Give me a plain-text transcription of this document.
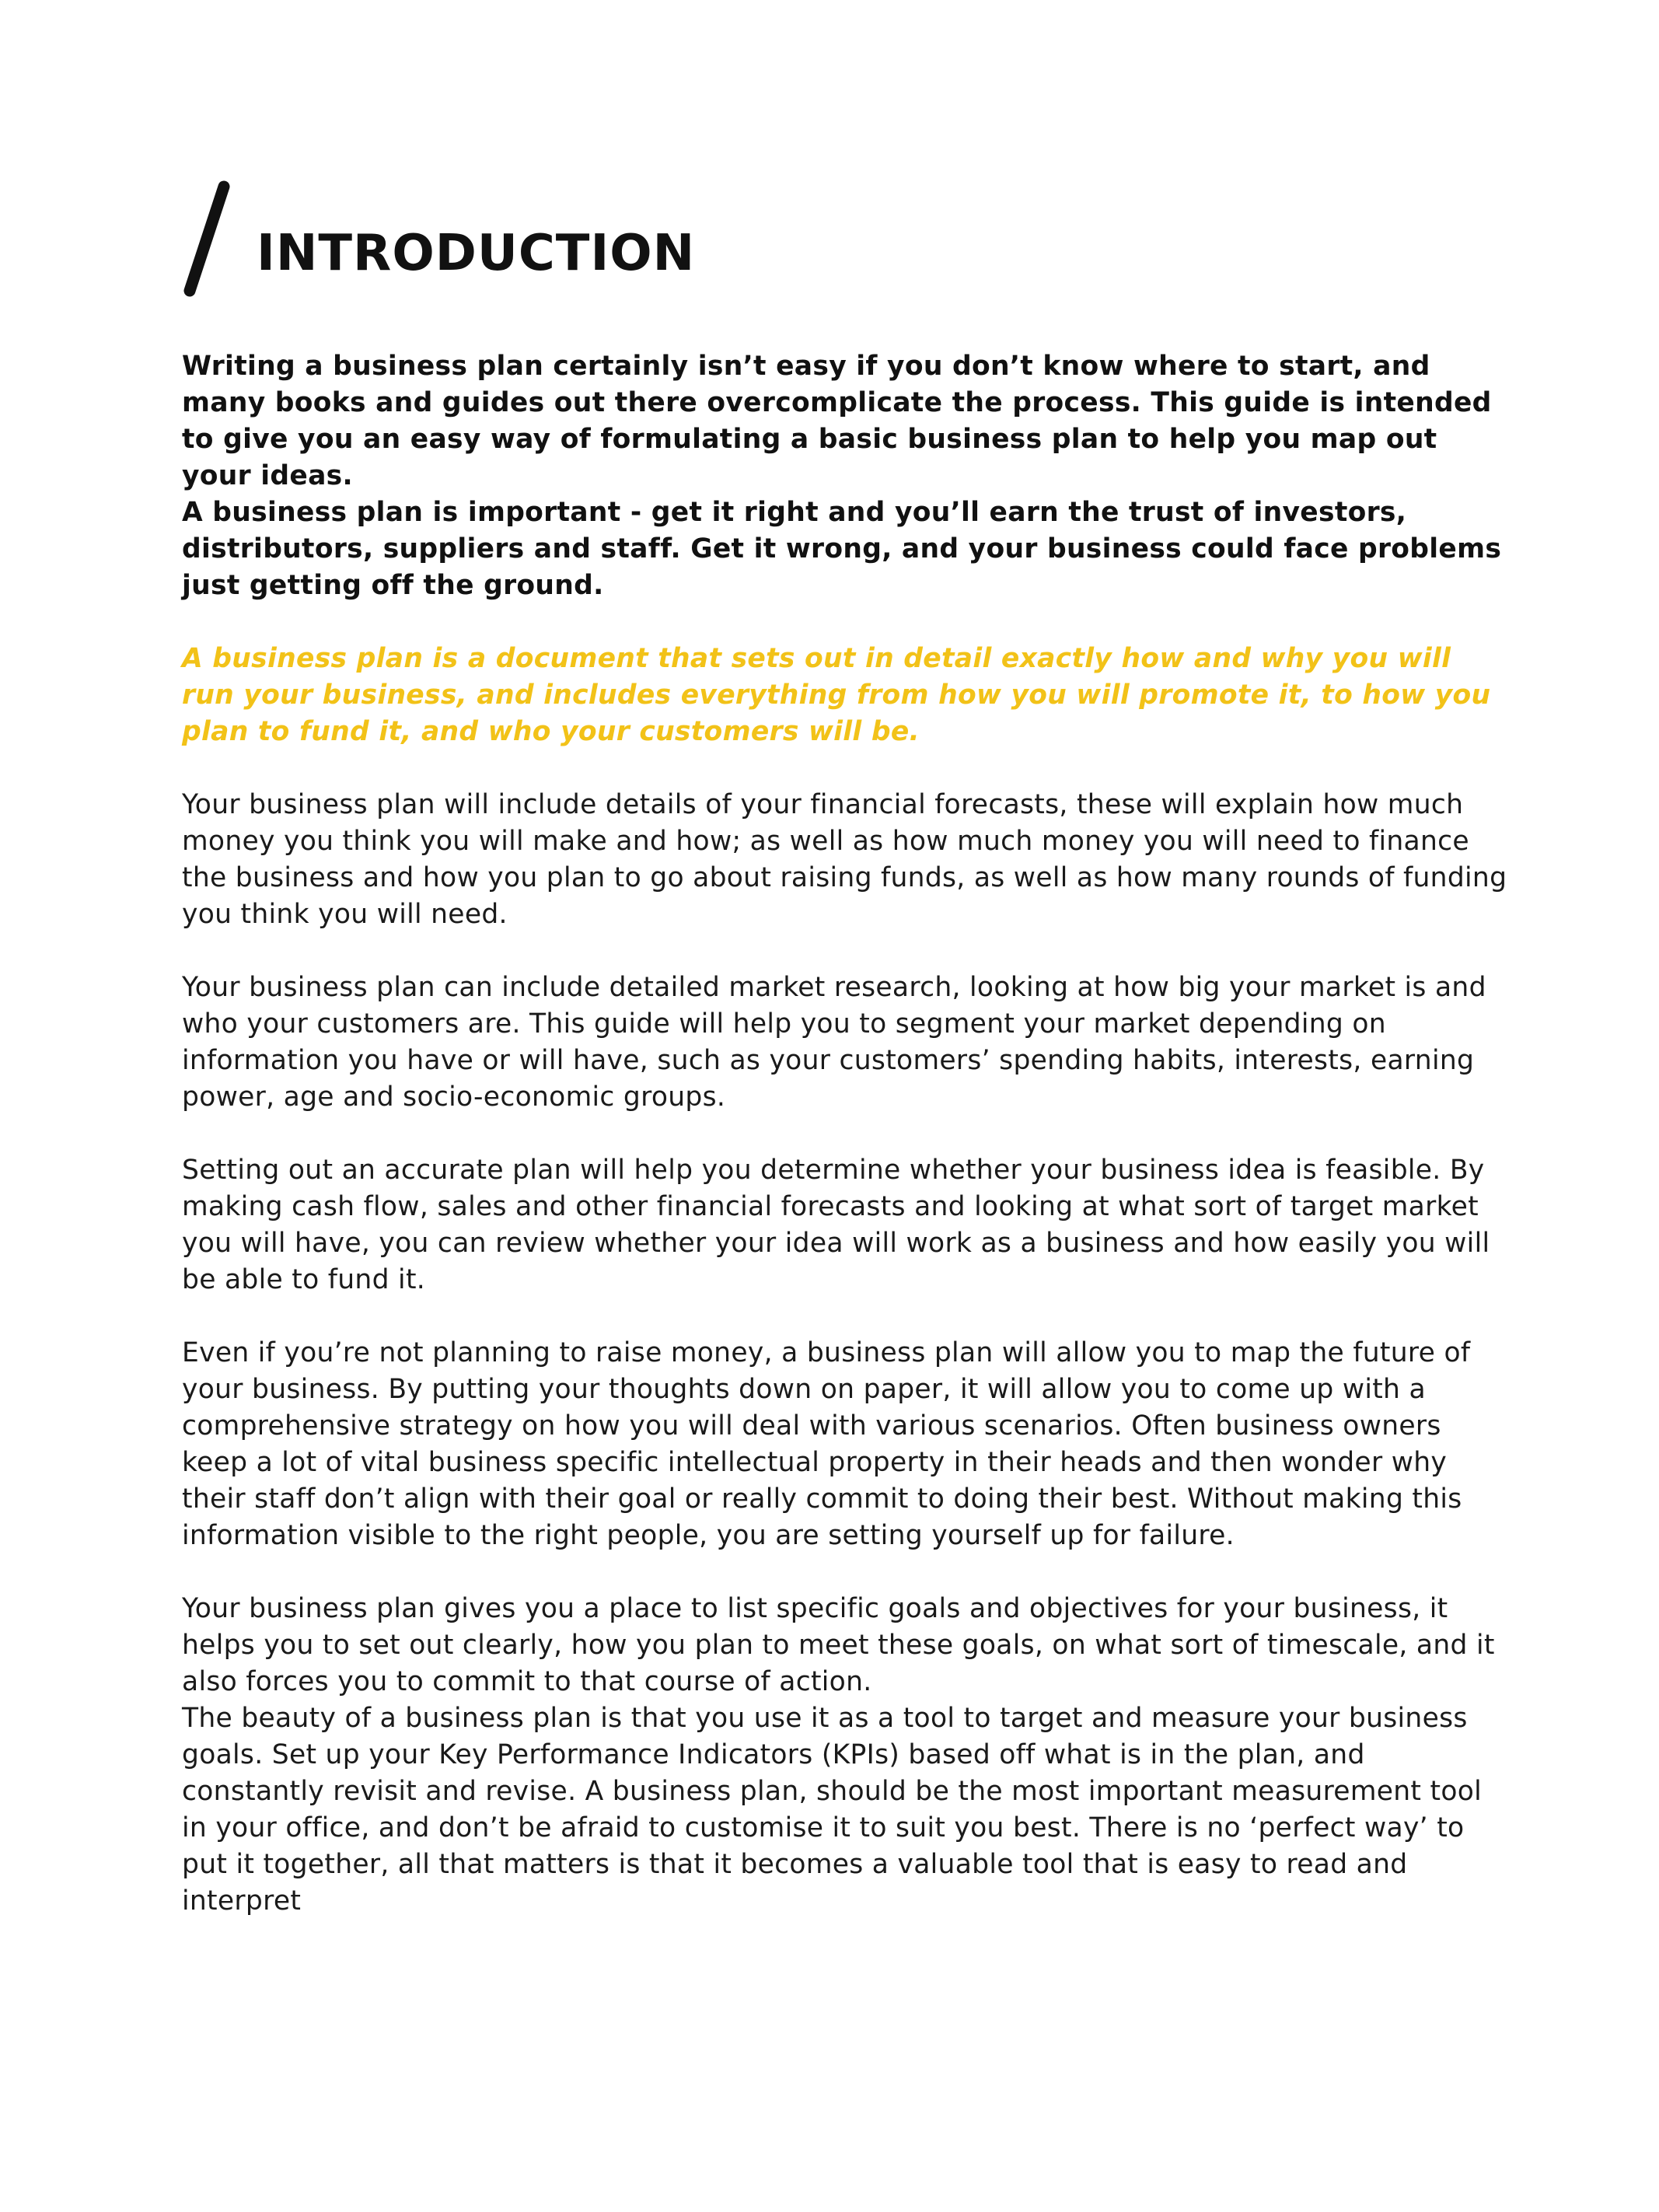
INTRODUCTION

Writing a business plan certainly isn’t easy if you don’t know where to start, and many books and guides out there overcomplicate the process. This guide is intended to give you an easy way of formulating a basic business plan to help you map out your ideas.

A business plan is important - get it right and you’ll earn the trust of investors, distributors, suppliers and staff. Get it wrong, and your business could face problems just getting off the ground.

A business plan is a document that sets out in detail exactly how and why you will run your business, and includes everything from how you will promote it, to how you plan to fund it, and who your customers will be.

Your business plan will include details of your financial forecasts, these will explain how much money you think you will make and how; as well as how much money you will need to finance the business and how you plan to go about raising funds, as well as how many rounds of funding you think you will need.

Your business plan can include detailed market research, looking at how big your market is and who your customers are. This guide will help you to segment your market depending on information you have or will have, such as your customers’ spending habits, interests, earning power, age and socio-economic groups.

Setting out an accurate plan will help you determine whether your business idea is feasible. By making cash flow, sales and other financial forecasts and looking at what sort of target market you will have, you can review whether your idea will work as a business and how easily you will be able to fund it.

Even if you’re not planning to raise money, a business plan will allow you to map the future of your business. By putting your thoughts down on paper, it will allow you to come up with a comprehensive strategy on how you will deal with various scenarios. Often business owners keep a lot of vital business specific intellectual property in their heads and then wonder why their staff don’t align with their goal or really commit to doing their best. Without making this information visible to the right people, you are setting yourself up for failure.

Your business plan gives you a place to list specific goals and objectives for your business, it helps you to set out clearly, how you plan to meet these goals, on what sort of timescale, and it also forces you to commit to that course of action.

The beauty of a business plan is that you use it as a tool to target and measure your business goals. Set up your Key Performance Indicators (KPIs) based off what is in the plan, and constantly revisit and revise. A business plan, should be the most important measurement tool in your office, and don’t be afraid to customise it to suit you best. There is no ‘perfect way’ to put it together, all that matters is that it becomes a valuable tool that is easy to read and interpret
